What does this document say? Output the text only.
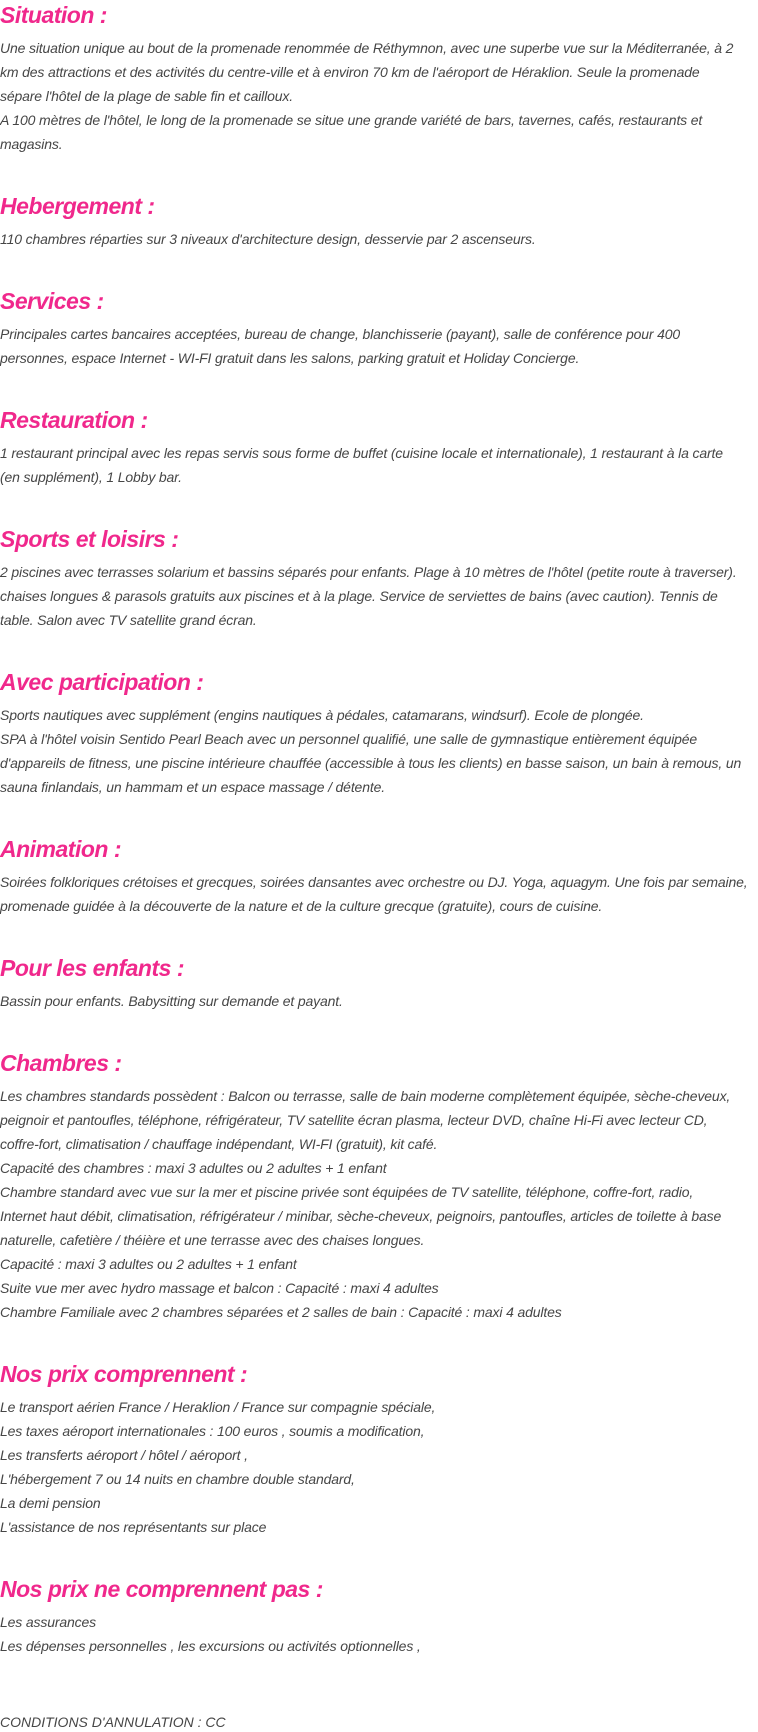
Situation :
Une situation unique au bout de la promenade renommée de Réthymnon, avec une superbe vue sur la Méditerranée, à 2
km des attractions et des activités du centre-ville et à environ 70 km de l'aéroport de Héraklion. Seule la promenade
sépare l'hôtel de la plage de sable fin et cailloux.
A 100 mètres de l'hôtel, le long de la promenade se situe une grande variété de bars, tavernes, cafés, restaurants et
magasins.
Hebergement :
110 chambres réparties sur 3 niveaux d'architecture design, desservie par 2 ascenseurs.
Services :
Principales cartes bancaires acceptées, bureau de change, blanchisserie (payant), salle de conférence pour 400
personnes, espace Internet - WI-FI gratuit dans les salons, parking gratuit et Holiday Concierge.
Restauration :
1 restaurant principal avec les repas servis sous forme de buffet (cuisine locale et internationale), 1 restaurant à la carte
(en supplément), 1 Lobby bar.
Sports et loisirs :
2 piscines avec terrasses solarium et bassins séparés pour enfants. Plage à 10 mètres de l'hôtel (petite route à traverser).
chaises longues & parasols gratuits aux piscines et à la plage. Service de serviettes de bains (avec caution). Tennis de
table. Salon avec TV satellite grand écran.
Avec participation :
Sports nautiques avec supplément (engins nautiques à pédales, catamarans, windsurf). Ecole de plongée.
SPA à l'hôtel voisin Sentido Pearl Beach avec un personnel qualifié, une salle de gymnastique entièrement équipée
d'appareils de fitness, une piscine intérieure chauffée (accessible à tous les clients) en basse saison, un bain à remous, un
sauna finlandais, un hammam et un espace massage / détente.
Animation :
Soirées folkloriques crétoises et grecques, soirées dansantes avec orchestre ou DJ. Yoga, aquagym. Une fois par semaine,
promenade guidée à la découverte de la nature et de la culture grecque (gratuite), cours de cuisine.
Pour les enfants :
Bassin pour enfants. Babysitting sur demande et payant.
Chambres :
Les chambres standards possèdent : Balcon ou terrasse, salle de bain moderne complètement équipée, sèche-cheveux,
peignoir et pantoufles, téléphone, réfrigérateur, TV satellite écran plasma, lecteur DVD, chaîne Hi-Fi avec lecteur CD,
coffre-fort, climatisation / chauffage indépendant, WI-FI (gratuit), kit café.
Capacité des chambres : maxi 3 adultes ou 2 adultes + 1 enfant
Chambre standard avec vue sur la mer et piscine privée sont équipées de TV satellite, téléphone, coffre-fort, radio,
Internet haut débit, climatisation, réfrigérateur / minibar, sèche-cheveux, peignoirs, pantoufles, articles de toilette à base
naturelle, cafetière / théière et une terrasse avec des chaises longues.
Capacité : maxi 3 adultes ou 2 adultes + 1 enfant
Suite vue mer avec hydro massage et balcon : Capacité : maxi 4 adultes
Chambre Familiale avec 2 chambres séparées et 2 salles de bain : Capacité : maxi 4 adultes
Nos prix comprennent :
Le transport aérien France / Heraklion / France sur compagnie spéciale,
Les taxes aéroport internationales : 100 euros , soumis a modification,
Les transferts aéroport / hôtel / aéroport ,
L'hébergement 7 ou 14 nuits en chambre double standard,
La demi pension
L'assistance de nos représentants sur place
Nos prix ne comprennent pas :
Les assurances
Les dépenses personnelles , les excursions ou activités optionnelles ,
CONDITIONS D'ANNULATION : CC
